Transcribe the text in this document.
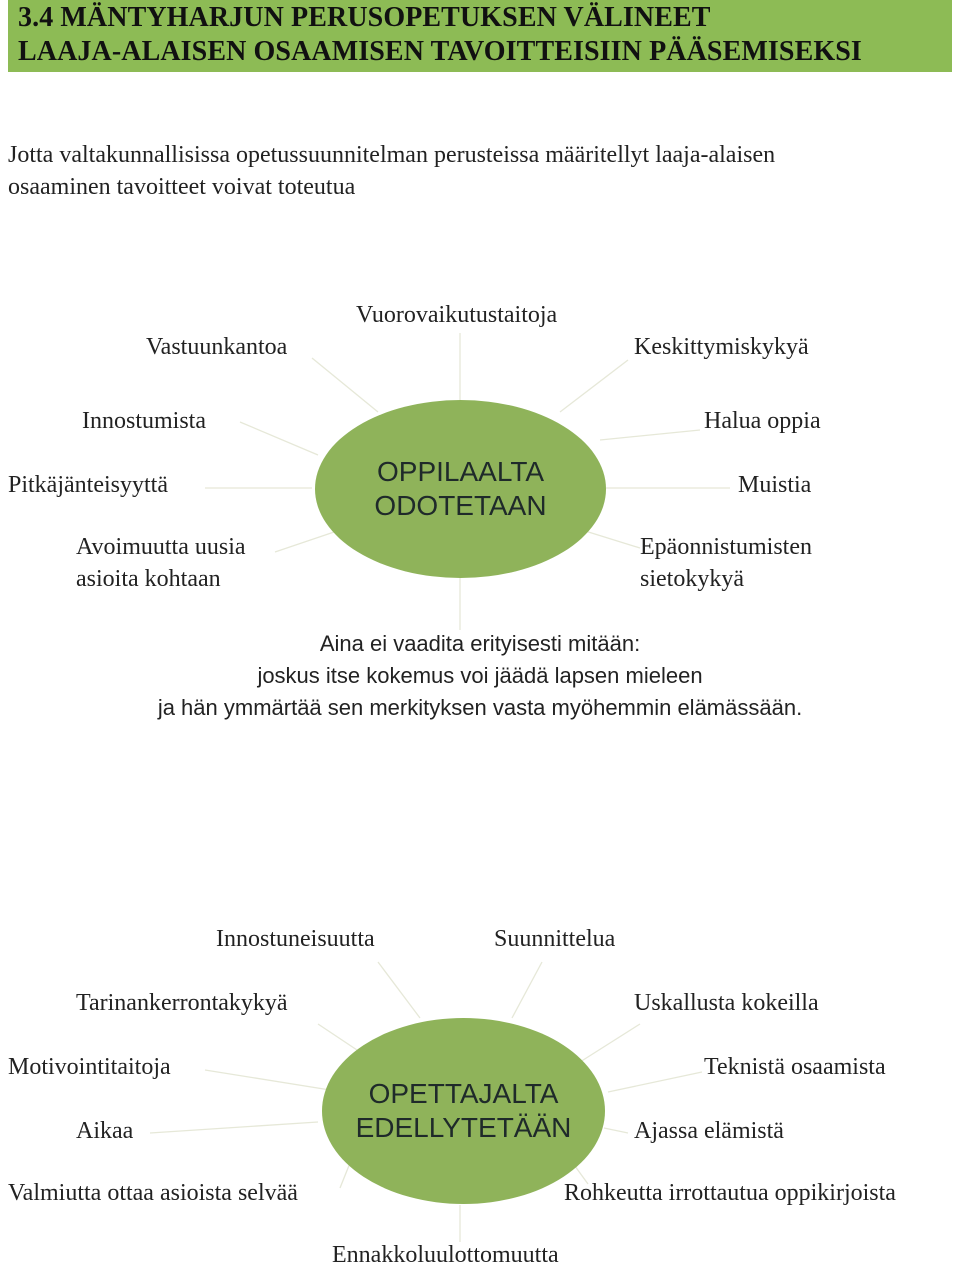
3.4 MÄNTYHARJUN PERUSOPETUKSEN VÄLINEET
LAAJA-ALAISEN OSAAMISEN TAVOITTEISIIN PÄÄSEMISEKSI
Jotta valtakunnallisissa opetussuunnitelman perusteissa määritellyt laaja-alaisen
osaaminen tavoitteet voivat toteutua
OPPILAALTA
ODOTETAAN
Vuorovaikutustaitoja
Vastuunkantoa	Keskittymiskykyä
Innostumista	Halua oppia
Pitkäjänteisyyttä	Muistia
Avoimuutta uusia
asioita kohtaan
Epäonnistumisten
sietokykyä
Aina ei vaadita erityisesti mitään:
joskus itse kokemus voi jäädä lapsen mieleen
ja hän ymmärtää sen merkityksen vasta myöhemmin elämässään.
OPETTAJALTA
EDELLYTETÄÄN
Innostuneisuutta	Suunnittelua
Tarinankerrontakykyä	Uskallusta kokeilla
Motivointitaitoja	Teknistä osaamista
Aikaa	Ajassa elämistä
Valmiutta ottaa asioista selvää	Rohkeutta irrottautua oppikirjoista
Ennakkoluulottomuutta
